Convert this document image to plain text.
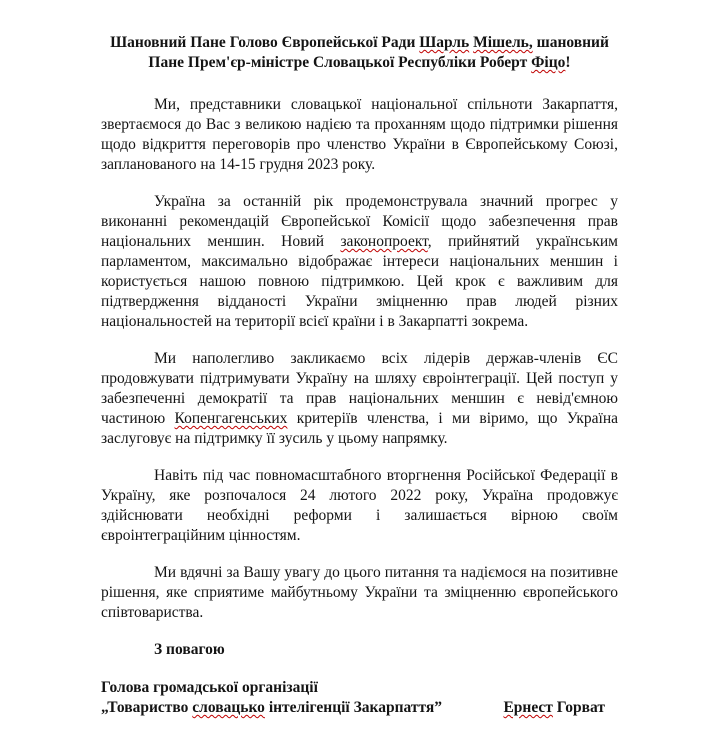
Шановний Пане Голово Європейської Ради Шарль Мішель, шановний
Пане Прем'єр-міністре Словацької Республіки Роберт Фіцо!

Ми, представники словацької національної спільноти Закарпаття, звертаємося до Вас з великою надією та проханням щодо підтримки рішення щодо відкриття переговорів про членство України в Європейському Союзі, запланованого на 14-15 грудня 2023 року.

Україна за останній рік продемонструвала значний прогрес у виконанні рекомендацій Європейської Комісії щодо забезпечення прав національних меншин. Новий законопроект, прийнятий українським парламентом, максимально відображає інтереси національних меншин і користується нашою повною підтримкою. Цей крок є важливим для підтвердження відданості України зміцненню прав людей різних національностей на території всієї країни і в Закарпатті зокрема.

Ми наполегливо закликаємо всіх лідерів держав-членів ЄС продовжувати підтримувати Україну на шляху євроінтеграції. Цей поступ у забезпеченні демократії та прав національних меншин є невід'ємною частиною Копенгагенських критеріїв членства, і ми віримо, що Україна заслуговує на підтримку її зусиль у цьому напрямку.

Навіть під час повномасштабного вторгнення Російської Федерації в Україну, яке розпочалося 24 лютого 2022 року, Україна продовжує здійснювати необхідні реформи і залишається вірною своїм євроінтеграційним цінностям.

Ми вдячні за Вашу увагу до цього питання та надіємося на позитивне рішення, яке сприятиме майбутньому України та зміцненню європейського співтовариства.

З повагою

Голова громадської організації
„Товариство словацько інтелігенції Закарпаття”	Ернест Горват
